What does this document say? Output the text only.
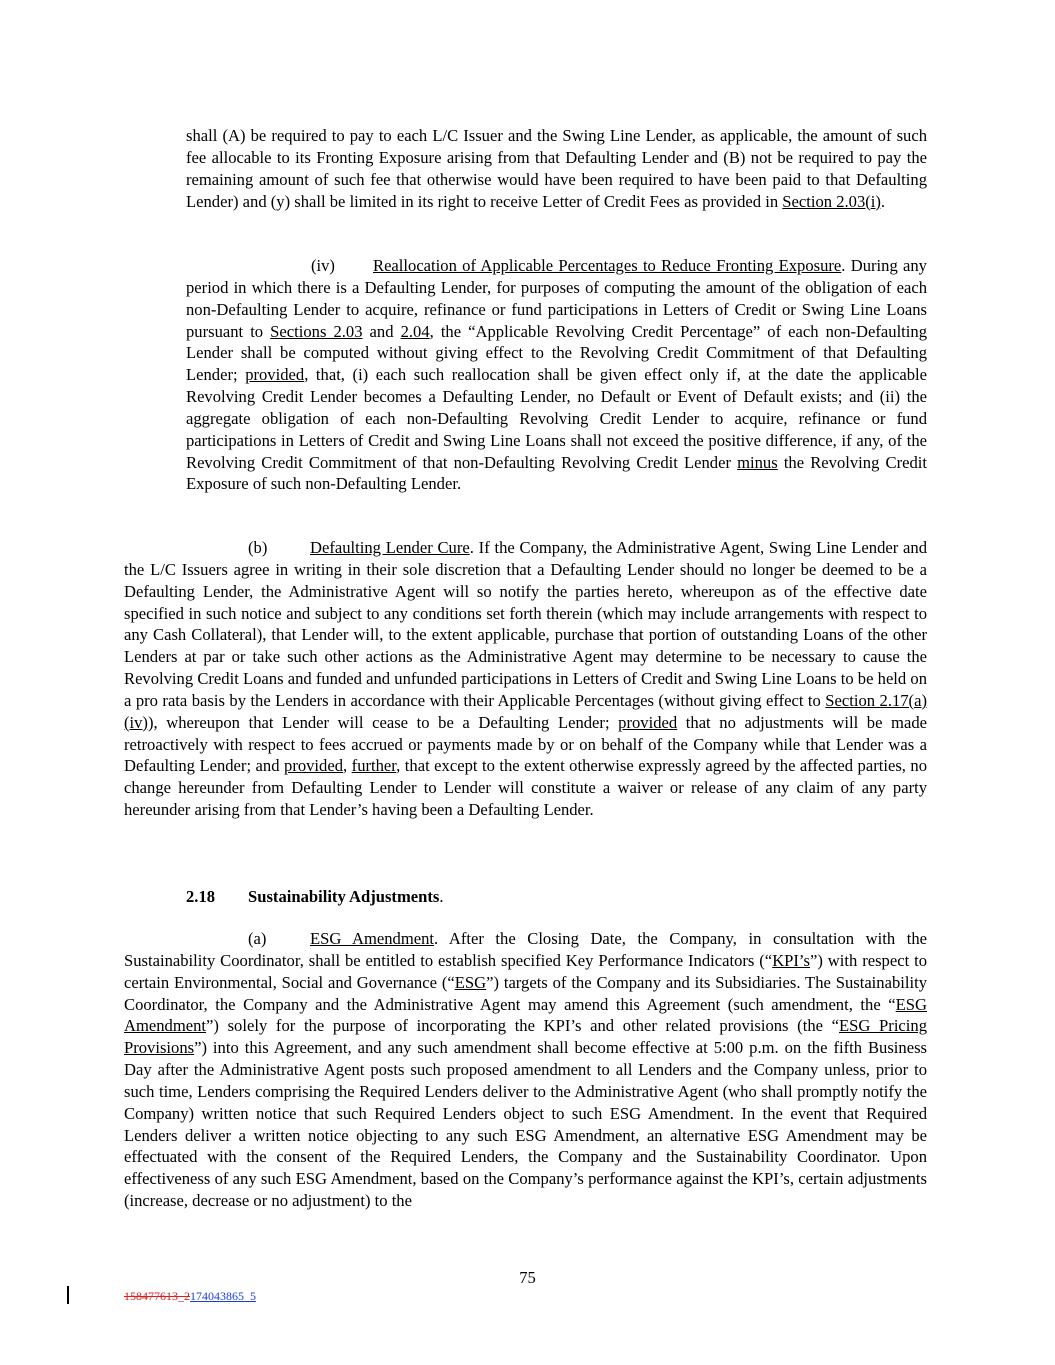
shall (A) be required to pay to each L/C Issuer and the Swing Line Lender, as applicable, the amount of such fee allocable to its Fronting Exposure arising from that Defaulting Lender and (B) not be required to pay the remaining amount of such fee that otherwise would have been required to have been paid to that Defaulting Lender) and (y) shall be limited in its right to receive Letter of Credit Fees as provided in Section 2.03(i).

(iv) Reallocation of Applicable Percentages to Reduce Fronting Exposure. During any period in which there is a Defaulting Lender, for purposes of computing the amount of the obligation of each non-Defaulting Lender to acquire, refinance or fund participations in Letters of Credit or Swing Line Loans pursuant to Sections 2.03 and 2.04, the “Applicable Revolving Credit Percentage” of each non-Defaulting Lender shall be computed without giving effect to the Revolving Credit Commitment of that Defaulting Lender; provided, that, (i) each such reallocation shall be given effect only if, at the date the applicable Revolving Credit Lender becomes a Defaulting Lender, no Default or Event of Default exists; and (ii) the aggregate obligation of each non-Defaulting Revolving Credit Lender to acquire, refinance or fund participations in Letters of Credit and Swing Line Loans shall not exceed the positive difference, if any, of the Revolving Credit Commitment of that non-Defaulting Revolving Credit Lender minus the Revolving Credit Exposure of such non-Defaulting Lender.

(b)	Defaulting Lender Cure. If the Company, the Administrative Agent, Swing Line Lender and the L/C Issuers agree in writing in their sole discretion that a Defaulting Lender should no longer be deemed to be a Defaulting Lender, the Administrative Agent will so notify the parties hereto, whereupon as of the effective date specified in such notice and subject to any conditions set forth therein (which may include arrangements with respect to any Cash Collateral), that Lender will, to the extent applicable, purchase that portion of outstanding Loans of the other Lenders at par or take such other actions as the Administrative Agent may determine to be necessary to cause the Revolving Credit Loans and funded and unfunded participations in Letters of Credit and Swing Line Loans to be held on a pro rata basis by the Lenders in accordance with their Applicable Percentages (without giving effect to Section 2.17(a)(iv)), whereupon that Lender will cease to be a Defaulting Lender; provided that no adjustments will be made retroactively with respect to fees accrued or payments made by or on behalf of the Company while that Lender was a Defaulting Lender; and provided, further, that except to the extent otherwise expressly agreed by the affected parties, no change hereunder from Defaulting Lender to Lender will constitute a waiver or release of any claim of any party hereunder arising from that Lender’s having been a Defaulting Lender.

2.18 Sustainability Adjustments.

(a)	ESG Amendment. After the Closing Date, the Company, in consultation with the Sustainability Coordinator, shall be entitled to establish specified Key Performance Indicators (“KPI’s”) with respect to certain Environmental, Social and Governance (“ESG”) targets of the Company and its Subsidiaries. The Sustainability Coordinator, the Company and the Administrative Agent may amend this Agreement (such amendment, the “ESG Amendment”) solely for the purpose of incorporating the KPI’s and other related provisions (the “ESG Pricing Provisions”) into this Agreement, and any such amendment shall become effective at 5:00 p.m. on the fifth Business Day after the Administrative Agent posts such proposed amendment to all Lenders and the Company unless, prior to such time, Lenders comprising the Required Lenders deliver to the Administrative Agent (who shall promptly notify the Company) written notice that such Required Lenders object to such ESG Amendment. In the event that Required Lenders deliver a written notice objecting to any such ESG Amendment, an alternative ESG Amendment may be effectuated with the consent of the Required Lenders, the Company and the Sustainability Coordinator. Upon effectiveness of any such ESG Amendment, based on the Company’s performance against the KPI’s, certain adjustments (increase, decrease or no adjustment) to the

75
158477613_2174043865_5
